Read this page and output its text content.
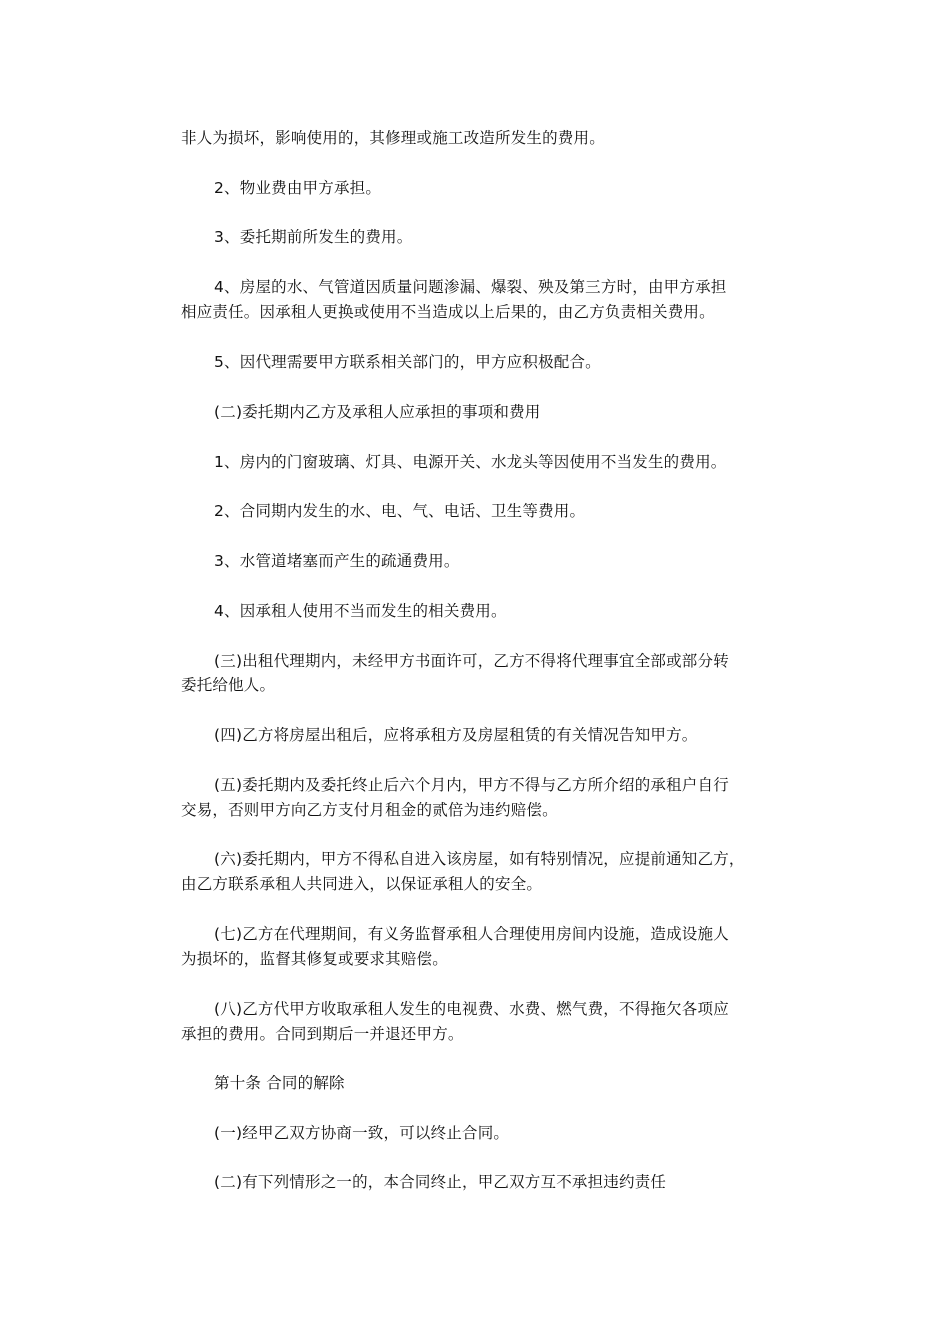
非人为损坏，影响使用的，其修理或施工改造所发生的费用。
2、物业费由甲方承担。
3、委托期前所发生的费用。
4、房屋的水、气管道因质量问题渗漏、爆裂、殃及第三方时，由甲方承担
相应责任。因承租人更换或使用不当造成以上后果的，由乙方负责相关费用。
5、因代理需要甲方联系相关部门的，甲方应积极配合。
(二)委托期内乙方及承租人应承担的事项和费用
1、房内的门窗玻璃、灯具、电源开关、水龙头等因使用不当发生的费用。
2、合同期内发生的水、电、气、电话、卫生等费用。
3、水管道堵塞而产生的疏通费用。
4、因承租人使用不当而发生的相关费用。
(三)出租代理期内，未经甲方书面许可，乙方不得将代理事宜全部或部分转
委托给他人。
(四)乙方将房屋出租后，应将承租方及房屋租赁的有关情况告知甲方。
(五)委托期内及委托终止后六个月内，甲方不得与乙方所介绍的承租户自行
交易，否则甲方向乙方支付月租金的贰倍为违约赔偿。
(六)委托期内，甲方不得私自进入该房屋，如有特别情况，应提前通知乙方，
由乙方联系承租人共同进入，以保证承租人的安全。
(七)乙方在代理期间，有义务监督承租人合理使用房间内设施，造成设施人
为损坏的，监督其修复或要求其赔偿。
(八)乙方代甲方收取承租人发生的电视费、水费、燃气费，不得拖欠各项应
承担的费用。合同到期后一并退还甲方。
第十条 合同的解除
(一)经甲乙双方协商一致，可以终止合同。
(二)有下列情形之一的，本合同终止，甲乙双方互不承担违约责任
